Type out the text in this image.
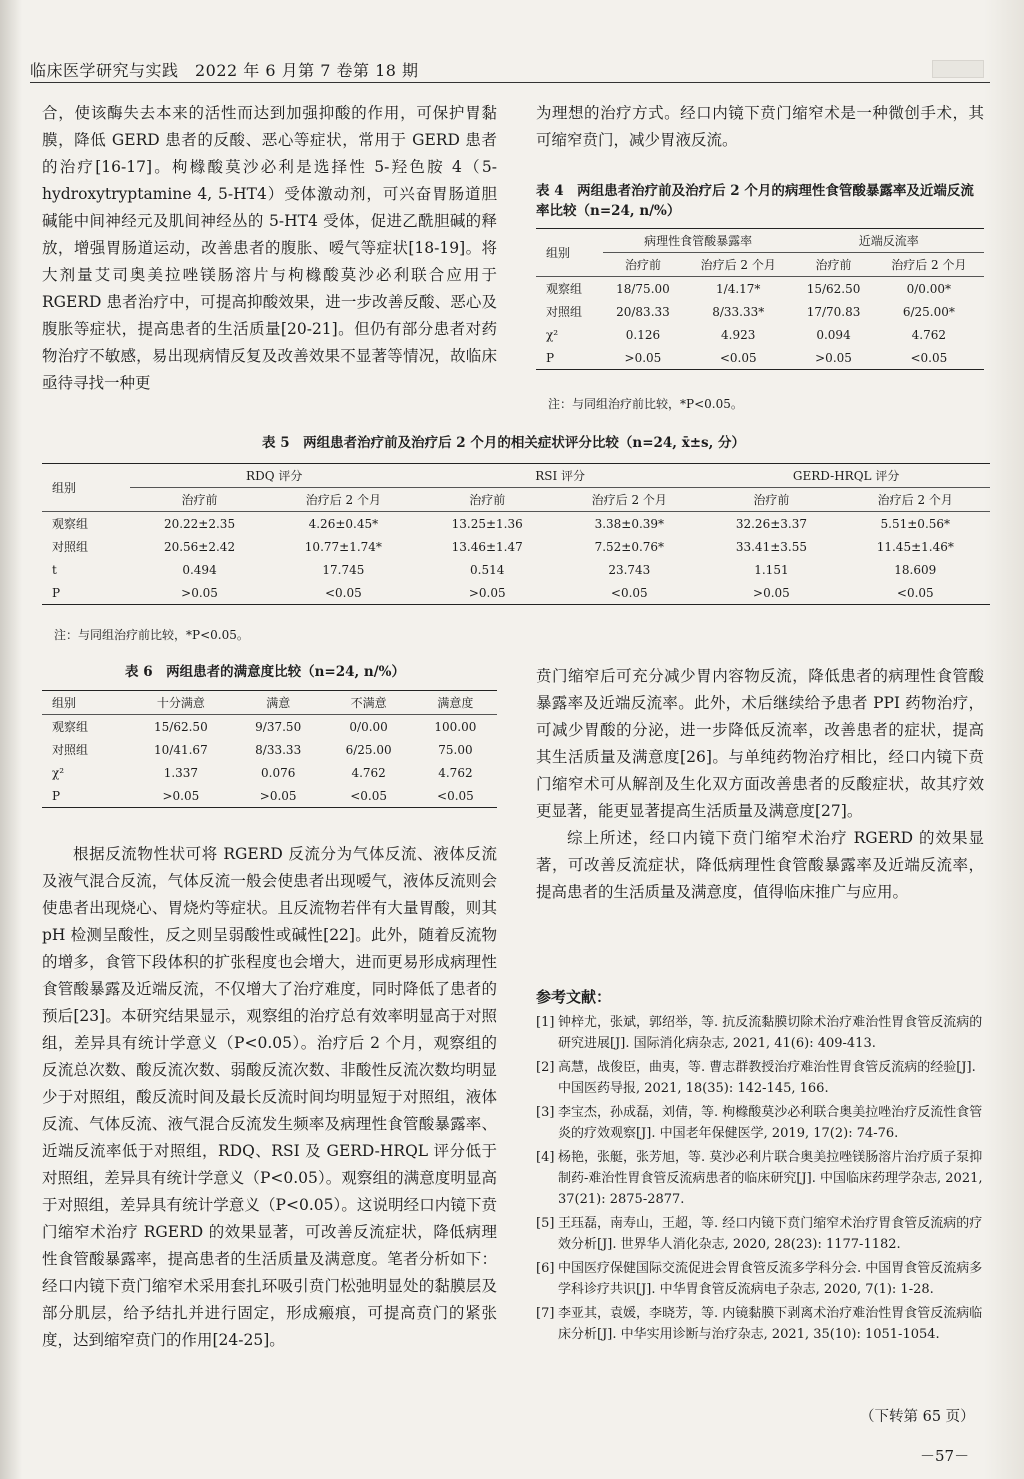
临床医学研究与实践　2022 年 6 月第 7 卷第 18 期

合，使该酶失去本来的活性而达到加强抑酸的作用，可保护胃黏膜，降低 GERD 患者的反酸、恶心等症状，常用于 GERD 患者的治疗[16-17]。枸橼酸莫沙必利是选择性 5-羟色胺 4（5-hydroxytryptamine 4, 5-HT4）受体激动剂，可兴奋胃肠道胆碱能中间神经元及肌间神经丛的 5-HT4 受体，促进乙酰胆碱的释放，增强胃肠道运动，改善患者的腹胀、嗳气等症状[18-19]。将大剂量艾司奥美拉唑镁肠溶片与枸橼酸莫沙必利联合应用于 RGERD 患者治疗中，可提高抑酸效果，进一步改善反酸、恶心及腹胀等症状，提高患者的生活质量[20-21]。但仍有部分患者对药物治疗不敏感，易出现病情反复及改善效果不显著等情况，故临床亟待寻找一种更

为理想的治疗方式。经口内镜下贲门缩窄术是一种微创手术，其可缩窄贲门，减少胃液反流。

表 4　两组患者治疗前及治疗后 2 个月的病理性食管酸暴露率及近端反流率比较（n=24, n/%）
组别	病理性食管酸暴露率		近端反流率	
	治疗前	治疗后 2 个月	治疗前	治疗后 2 个月
观察组	18/75.00	1/4.17*	15/62.50	0/0.00*
对照组	20/83.33	8/33.33*	17/70.83	6/25.00*
χ²	0.126	4.923	0.094	4.762
P	>0.05	<0.05	>0.05	<0.05
注：与同组治疗前比较，*P<0.05。
表 5　两组患者治疗前及治疗后 2 个月的相关症状评分比较（n=24, x̄±s, 分）
组别	RDQ 评分		RSI 评分		GERD-HRQL 评分	
	治疗前	治疗后 2 个月	治疗前	治疗后 2 个月	治疗前	治疗后 2 个月
观察组	20.22±2.35	4.26±0.45*	13.25±1.36	3.38±0.39*	32.26±3.37	5.51±0.56*
对照组	20.56±2.42	10.77±1.74*	13.46±1.47	7.52±0.76*	33.41±3.55	11.45±1.46*
t	0.494	17.745	0.514	23.743	1.151	18.609
P	>0.05	<0.05	>0.05	<0.05	>0.05	<0.05
注：与同组治疗前比较，*P<0.05。
表 6　两组患者的满意度比较（n=24, n/%）
组别	十分满意	满意	不满意	满意度
观察组	15/62.50	9/37.50	0/0.00	100.00
对照组	10/41.67	8/33.33	6/25.00	75.00
χ²	1.337	0.076	4.762	4.762
P	>0.05	>0.05	<0.05	<0.05

根据反流物性状可将 RGERD 反流分为气体反流、液体反流及液气混合反流，气体反流一般会使患者出现嗳气，液体反流则会使患者出现烧心、胃烧灼等症状。且反流物若伴有大量胃酸，则其 pH 检测呈酸性，反之则呈弱酸性或碱性[22]。此外，随着反流物的增多，食管下段体积的扩张程度也会增大，进而更易形成病理性食管酸暴露及近端反流，不仅增大了治疗难度，同时降低了患者的预后[23]。本研究结果显示，观察组的治疗总有效率明显高于对照组，差异具有统计学意义（P<0.05）。治疗后 2 个月，观察组的反流总次数、酸反流次数、弱酸反流次数、非酸性反流次数均明显少于对照组，酸反流时间及最长反流时间均明显短于对照组，液体反流、气体反流、液气混合反流发生频率及病理性食管酸暴露率、近端反流率低于对照组，RDQ、RSI 及 GERD-HRQL 评分低于对照组，差异具有统计学意义（P<0.05）。观察组的满意度明显高于对照组，差异具有统计学意义（P<0.05）。这说明经口内镜下贲门缩窄术治疗 RGERD 的效果显著，可改善反流症状，降低病理性食管酸暴露率，提高患者的生活质量及满意度。笔者分析如下：经口内镜下贲门缩窄术采用套扎环吸引贲门松弛明显处的黏膜层及部分肌层，给予结扎并进行固定，形成瘢痕，可提高贲门的紧张度，达到缩窄贲门的作用[24-25]。

贲门缩窄后可充分减少胃内容物反流，降低患者的病理性食管酸暴露率及近端反流率。此外，术后继续给予患者 PPI 药物治疗，可减少胃酸的分泌，进一步降低反流率，改善患者的症状，提高其生活质量及满意度[26]。与单纯药物治疗相比，经口内镜下贲门缩窄术可从解剖及生化双方面改善患者的反酸症状，故其疗效更显著，能更显著提高生活质量及满意度[27]。

综上所述，经口内镜下贲门缩窄术治疗 RGERD 的效果显著，可改善反流症状，降低病理性食管酸暴露率及近端反流率，提高患者的生活质量及满意度，值得临床推广与应用。

参考文献：
[1] 钟梓尤，张斌，郭绍举，等. 抗反流黏膜切除术治疗难治性胃食管反流病的研究进展[J]. 国际消化病杂志, 2021, 41(6): 409-413.
[2] 高慧，战俊臣，曲夷，等. 曹志群教授治疗难治性胃食管反流病的经验[J]. 中国医药导报, 2021, 18(35): 142-145, 166.
[3] 李宝杰，孙成磊，刘倩，等. 枸橼酸莫沙必利联合奥美拉唑治疗反流性食管炎的疗效观察[J]. 中国老年保健医学, 2019, 17(2): 74-76.
[4] 杨艳，张艇，张芳旭，等. 莫沙必利片联合奥美拉唑镁肠溶片治疗质子泵抑制药-难治性胃食管反流病患者的临床研究[J]. 中国临床药理学杂志, 2021, 37(21): 2875-2877.
[5] 王珏磊，南寿山，王超，等. 经口内镜下贲门缩窄术治疗胃食管反流病的疗效分析[J]. 世界华人消化杂志, 2020, 28(23): 1177-1182.
[6] 中国医疗保健国际交流促进会胃食管反流多学科分会. 中国胃食管反流病多学科诊疗共识[J]. 中华胃食管反流病电子杂志, 2020, 7(1): 1-28.
[7] 李亚其，袁媛，李晓芳，等. 内镜黏膜下剥离术治疗难治性胃食管反流病临床分析[J]. 中华实用诊断与治疗杂志, 2021, 35(10): 1051-1054.
（下转第 65 页）
－57－
